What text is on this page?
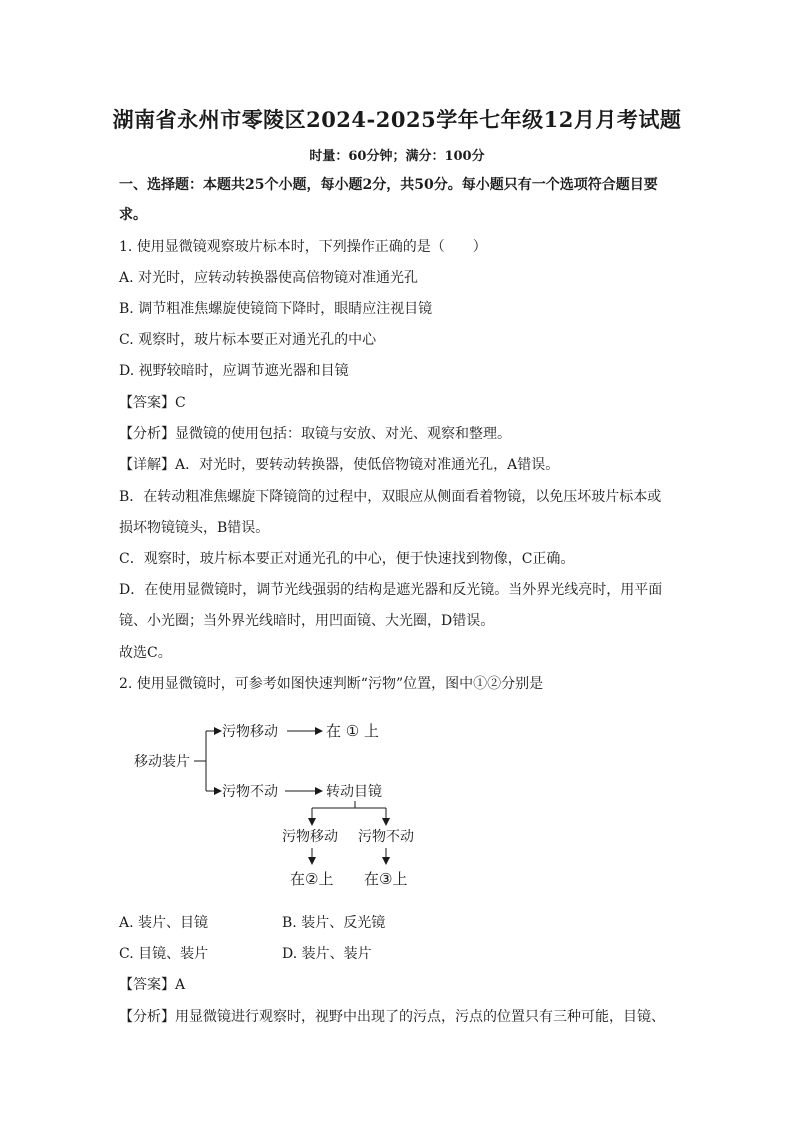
湖南省永州市零陵区2024-2025学年七年级12月月考试题
时量：60分钟；满分：100分
一、选择题：本题共25个小题，每小题2分，共50分。每小题只有一个选项符合题目要
求。
1. 使用显微镜观察玻片标本时，下列操作正确的是（　　）
A. 对光时，应转动转换器使高倍物镜对准通光孔
B. 调节粗准焦螺旋使镜筒下降时，眼睛应注视目镜
C. 观察时，玻片标本要正对通光孔的中心
D. 视野较暗时，应调节遮光器和目镜
【答案】C
【分析】显微镜的使用包括：取镜与安放、对光、观察和整理。
【详解】A．对光时，要转动转换器，使低倍物镜对准通光孔，A错误。
B．在转动粗准焦螺旋下降镜筒的过程中，双眼应从侧面看着物镜，以免压坏玻片标本或
损坏物镜镜头，B错误。
C．观察时，玻片标本要正对通光孔的中心，便于快速找到物像，C正确。
D．在使用显微镜时，调节光线强弱的结构是遮光器和反光镜。当外界光线亮时，用平面
镜、小光圈；当外界光线暗时，用凹面镜、大光圈，D错误。
故选C。
2. 使用显微镜时，可参考如图快速判断“污物”位置，图中①②分别是
移动装片
污物移动	在 ① 上
污物不动	转动目镜
污物移动 污物不动
在②上 在③上
A. 装片、目镜	B. 装片、反光镜
C. 目镜、装片	D. 装片、装片
【答案】A
【分析】用显微镜进行观察时，视野中出现了的污点，污点的位置只有三种可能，目镜、
